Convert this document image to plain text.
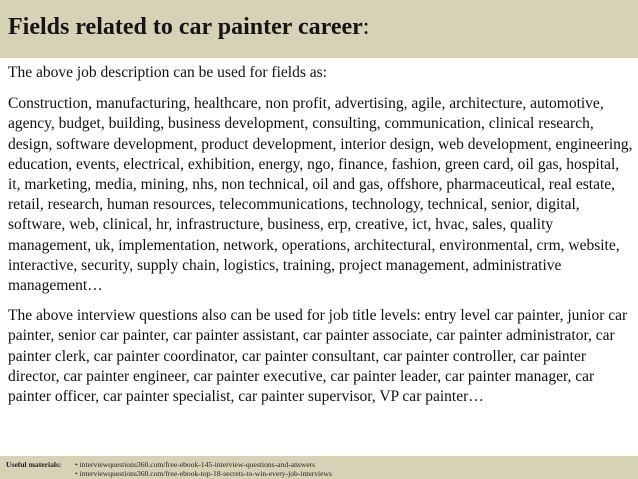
Fields related to car painter career:

The above job description can be used for fields as:

Construction, manufacturing, healthcare, non profit, advertising, agile, architecture, automotive, agency, budget, building, business development, consulting, communication, clinical research, design, software development, product development, interior design, web development, engineering, education, events, electrical, exhibition, energy, ngo, finance, fashion, green card, oil gas, hospital, it, marketing, media, mining, nhs, non technical, oil and gas, offshore, pharmaceutical, real estate, retail, research, human resources, telecommunications, technology, technical, senior, digital, software, web, clinical, hr, infrastructure, business, erp, creative, ict, hvac, sales, quality management, uk, implementation, network, operations, architectural, environmental, crm, website, interactive, security, supply chain, logistics, training, project management, administrative management…

The above interview questions also can be used for job title levels: entry level car painter, junior car painter, senior car painter, car painter assistant, car painter associate, car painter administrator, car painter clerk, car painter coordinator, car painter consultant, car painter controller, car painter director, car painter engineer, car painter executive, car painter leader, car painter manager, car painter officer, car painter specialist, car painter supervisor, VP car painter…

Useful materials: • interviewquestions360.com/free-ebook-145-interview-questions-and-answers
• interviewquestions360.com/free-ebook-top-18-secrets-to-win-every-job-interviews
